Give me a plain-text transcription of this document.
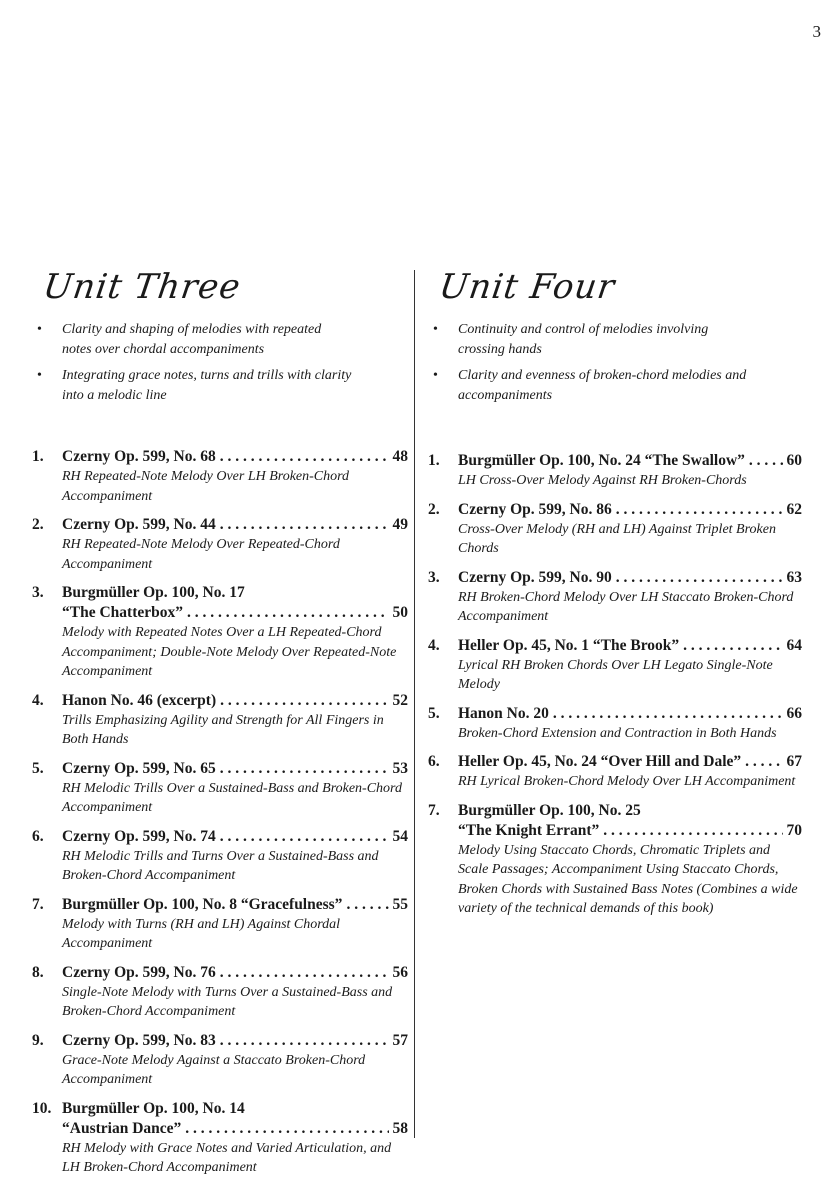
3
Unit Three
• Clarity and shaping of melodies with repeated notes over chordal accompaniments
• Integrating grace notes, turns and trills with clarity into a melodic line
1. Czerny Op. 599, No. 68 . . .	48
RH Repeated-Note Melody Over LH Broken-Chord Accompaniment
2. Czerny Op. 599, No. 44 . . .	49
RH Repeated-Note Melody Over Repeated-Chord Accompaniment
3. Burgmüller Op. 100, No. 17
“The Chatterbox” . . .	50
Melody with Repeated Notes Over a LH Repeated-Chord Accompaniment; Double-Note Melody Over Repeated-Note Accompaniment
4. Hanon No. 46 (excerpt) . . .	52
Trills Emphasizing Agility and Strength for All Fingers in Both Hands
5. Czerny Op. 599, No. 65 . . .	53
RH Melodic Trills Over a Sustained-Bass and Broken-Chord Accompaniment
6. Czerny Op. 599, No. 74 . . .	54
RH Melodic Trills and Turns Over a Sustained-Bass and Broken-Chord Accompaniment
7. Burgmüller Op. 100, No. 8 “Gracefulness” . . .	55
Melody with Turns (RH and LH) Against Chordal Accompaniment
8. Czerny Op. 599, No. 76 . . .	56
Single-Note Melody with Turns Over a Sustained-Bass and Broken-Chord Accompaniment
9. Czerny Op. 599, No. 83 . . .	57
Grace-Note Melody Against a Staccato Broken-Chord Accompaniment
10. Burgmüller Op. 100, No. 14
“Austrian Dance” . . .	58
RH Melody with Grace Notes and Varied Articulation, and LH Broken-Chord Accompaniment
Unit Four
• Continuity and control of melodies involving crossing hands
• Clarity and evenness of broken-chord melodies and accompaniments
1. Burgmüller Op. 100, No. 24 “The Swallow” . . .	60
LH Cross-Over Melody Against RH Broken-Chords
2. Czerny Op. 599, No. 86 . . .	62
Cross-Over Melody (RH and LH) Against Triplet Broken Chords
3. Czerny Op. 599, No. 90 . . .	63
RH Broken-Chord Melody Over LH Staccato Broken-Chord Accompaniment
4. Heller Op. 45, No. 1 “The Brook” . . .	64
Lyrical RH Broken Chords Over LH Legato Single-Note Melody
5. Hanon No. 20 . . .	66
Broken-Chord Extension and Contraction in Both Hands
6. Heller Op. 45, No. 24 “Over Hill and Dale” . . .	67
RH Lyrical Broken-Chord Melody Over LH Accompaniment
7. Burgmüller Op. 100, No. 25
“The Knight Errant” . . .	70
Melody Using Staccato Chords, Chromatic Triplets and Scale Passages; Accompaniment Using Staccato Chords, Broken Chords with Sustained Bass Notes (Combines a wide variety of the technical demands of this book)
